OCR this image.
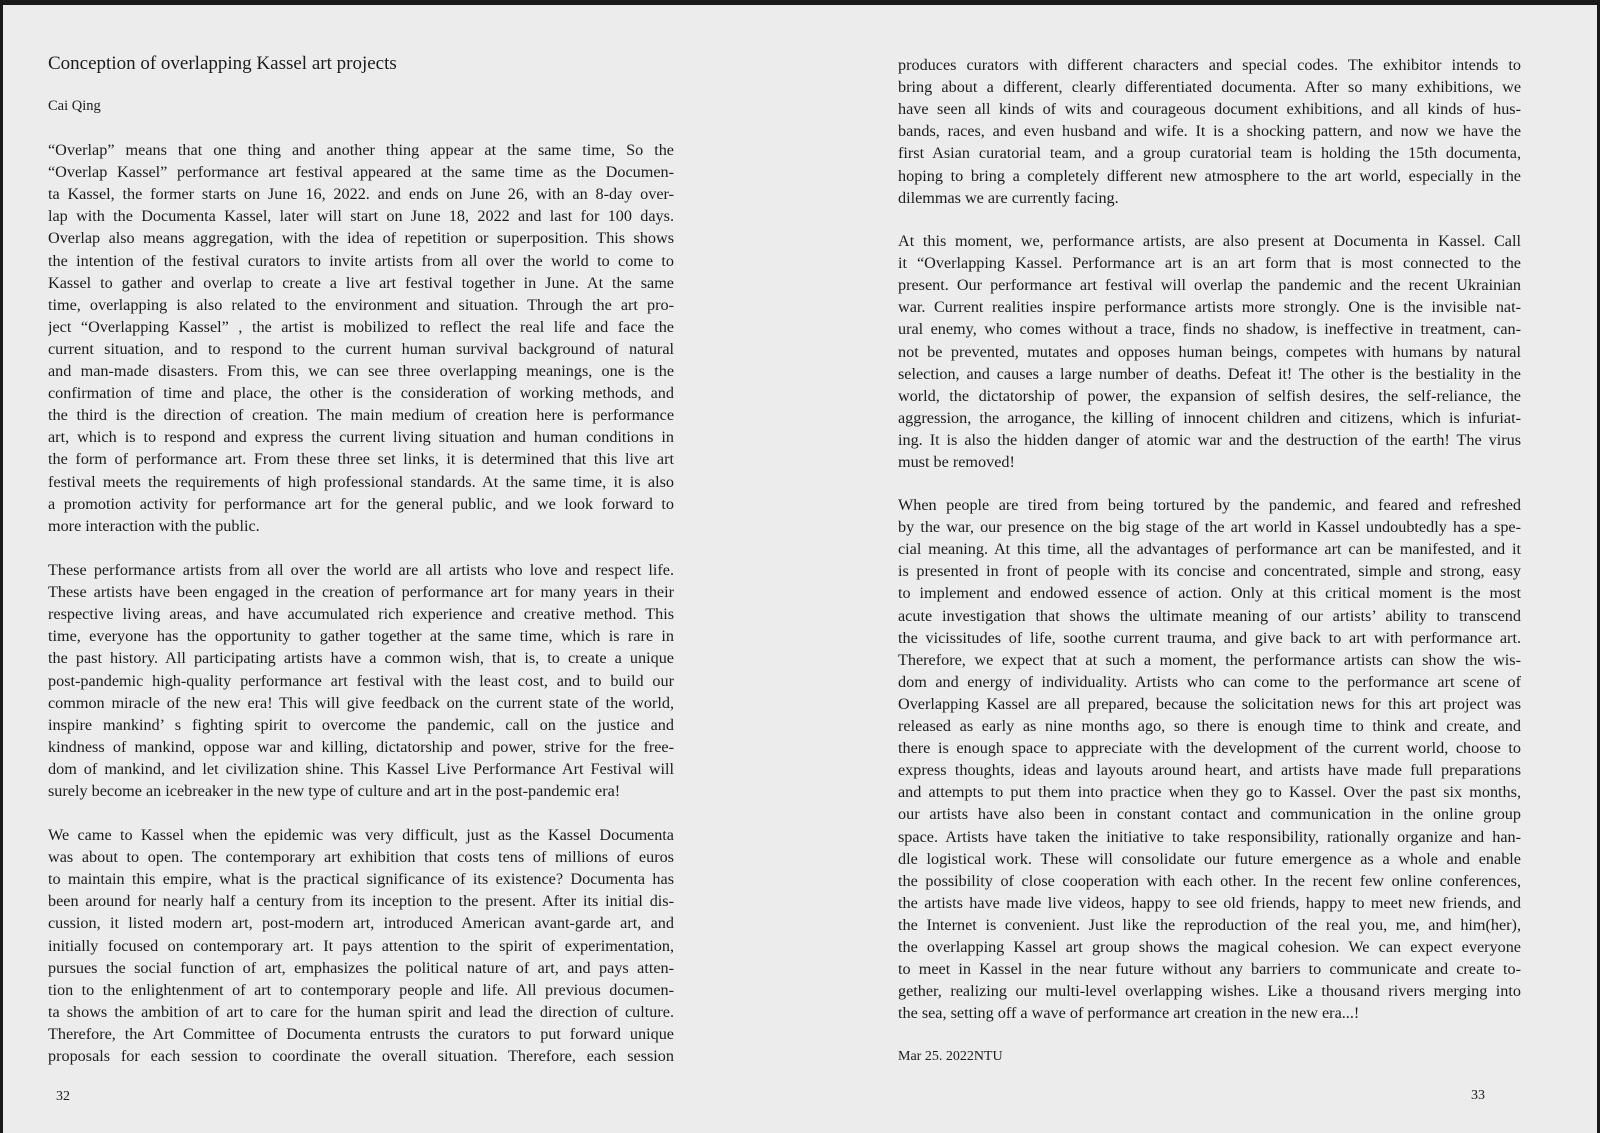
Conception of overlapping Kassel art projects
Cai Qing
“Overlap” means that one thing and another thing appear at the same time, So the
“Overlap Kassel” performance art festival appeared at the same time as the Documen-
ta Kassel, the former starts on June 16, 2022. and ends on June 26, with an 8-day over-
lap with the Documenta Kassel, later will start on June 18, 2022 and last for 100 days.
Overlap also means aggregation, with the idea of repetition or superposition. This shows
the intention of the festival curators to invite artists from all over the world to come to
Kassel to gather and overlap to create a live art festival together in June. At the same
time, overlapping is also related to the environment and situation. Through the art pro-
ject “Overlapping Kassel” , the artist is mobilized to reflect the real life and face the
current situation, and to respond to the current human survival background of natural
and man-made disasters. From this, we can see three overlapping meanings, one is the
confirmation of time and place, the other is the consideration of working methods, and
the third is the direction of creation. The main medium of creation here is performance
art, which is to respond and express the current living situation and human conditions in
the form of performance art. From these three set links, it is determined that this live art
festival meets the requirements of high professional standards. At the same time, it is also
a promotion activity for performance art for the general public, and we look forward to
more interaction with the public.
These performance artists from all over the world are all artists who love and respect life.
These artists have been engaged in the creation of performance art for many years in their
respective living areas, and have accumulated rich experience and creative method. This
time, everyone has the opportunity to gather together at the same time, which is rare in
the past history. All participating artists have a common wish, that is, to create a unique
post-pandemic high-quality performance art festival with the least cost, and to build our
common miracle of the new era! This will give feedback on the current state of the world,
inspire mankind’ s fighting spirit to overcome the pandemic, call on the justice and
kindness of mankind, oppose war and killing, dictatorship and power, strive for the free-
dom of mankind, and let civilization shine. This Kassel Live Performance Art Festival will
surely become an icebreaker in the new type of culture and art in the post-pandemic era!
We came to Kassel when the epidemic was very difficult, just as the Kassel Documenta
was about to open. The contemporary art exhibition that costs tens of millions of euros
to maintain this empire, what is the practical significance of its existence? Documenta has
been around for nearly half a century from its inception to the present. After its initial dis-
cussion, it listed modern art, post-modern art, introduced American avant-garde art, and
initially focused on contemporary art. It pays attention to the spirit of experimentation,
pursues the social function of art, emphasizes the political nature of art, and pays atten-
tion to the enlightenment of art to contemporary people and life. All previous documen-
ta shows the ambition of art to care for the human spirit and lead the direction of culture.
Therefore, the Art Committee of Documenta entrusts the curators to put forward unique
proposals for each session to coordinate the overall situation. Therefore, each session
32
produces curators with different characters and special codes. The exhibitor intends to
bring about a different, clearly differentiated documenta. After so many exhibitions, we
have seen all kinds of wits and courageous document exhibitions, and all kinds of hus-
bands, races, and even husband and wife. It is a shocking pattern, and now we have the
first Asian curatorial team, and a group curatorial team is holding the 15th documenta,
hoping to bring a completely different new atmosphere to the art world, especially in the
dilemmas we are currently facing.
At this moment, we, performance artists, are also present at Documenta in Kassel. Call
it “Overlapping Kassel. Performance art is an art form that is most connected to the
present. Our performance art festival will overlap the pandemic and the recent Ukrainian
war. Current realities inspire performance artists more strongly. One is the invisible nat-
ural enemy, who comes without a trace, finds no shadow, is ineffective in treatment, can-
not be prevented, mutates and opposes human beings, competes with humans by natural
selection, and causes a large number of deaths. Defeat it! The other is the bestiality in the
world, the dictatorship of power, the expansion of selfish desires, the self-reliance, the
aggression, the arrogance, the killing of innocent children and citizens, which is infuriat-
ing. It is also the hidden danger of atomic war and the destruction of the earth! The virus
must be removed!
When people are tired from being tortured by the pandemic, and feared and refreshed
by the war, our presence on the big stage of the art world in Kassel undoubtedly has a spe-
cial meaning. At this time, all the advantages of performance art can be manifested, and it
is presented in front of people with its concise and concentrated, simple and strong, easy
to implement and endowed essence of action. Only at this critical moment is the most
acute investigation that shows the ultimate meaning of our artists’ ability to transcend
the vicissitudes of life, soothe current trauma, and give back to art with performance art.
Therefore, we expect that at such a moment, the performance artists can show the wis-
dom and energy of individuality. Artists who can come to the performance art scene of
Overlapping Kassel are all prepared, because the solicitation news for this art project was
released as early as nine months ago, so there is enough time to think and create, and
there is enough space to appreciate with the development of the current world, choose to
express thoughts, ideas and layouts around heart, and artists have made full preparations
and attempts to put them into practice when they go to Kassel. Over the past six months,
our artists have also been in constant contact and communication in the online group
space. Artists have taken the initiative to take responsibility, rationally organize and han-
dle logistical work. These will consolidate our future emergence as a whole and enable
the possibility of close cooperation with each other. In the recent few online conferences,
the artists have made live videos, happy to see old friends, happy to meet new friends, and
the Internet is convenient. Just like the reproduction of the real you, me, and him(her),
the overlapping Kassel art group shows the magical cohesion. We can expect everyone
to meet in Kassel in the near future without any barriers to communicate and create to-
gether, realizing our multi-level overlapping wishes. Like a thousand rivers merging into
the sea, setting off a wave of performance art creation in the new era...!
Mar 25. 2022NTU
33
